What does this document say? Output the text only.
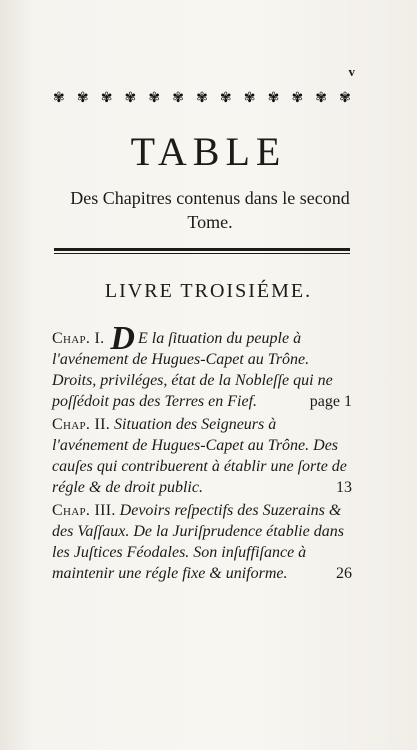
v
✾ ✾ ✾ ✾ ✾ ✾ ✾ ✾ ✾ ✾ ✾ ✾ ✾
TABLE
Des Chapitres contenus dans le second Tome.
LIVRE TROISIÉME.
Chap. I. D E la ſituation du peuple à l'avénement de Hugues-Capet au Trône. Droits, priviléges, état de la Nobleſſe qui ne poſſédoit pas des Terres en Fief.	page 1
Chap. II. Situation des Seigneurs à l'avénement de Hugues-Capet au Trône. Des cauſes qui contribuerent à établir une ſorte de régle & de droit public.	13
Chap. III. Devoirs reſpectifs des Suzerains & des Vaſſaux. De la Juriſprudence établie dans les Juſtices Féodales. Son inſuffiſance à maintenir une régle fixe & uniforme.	26
